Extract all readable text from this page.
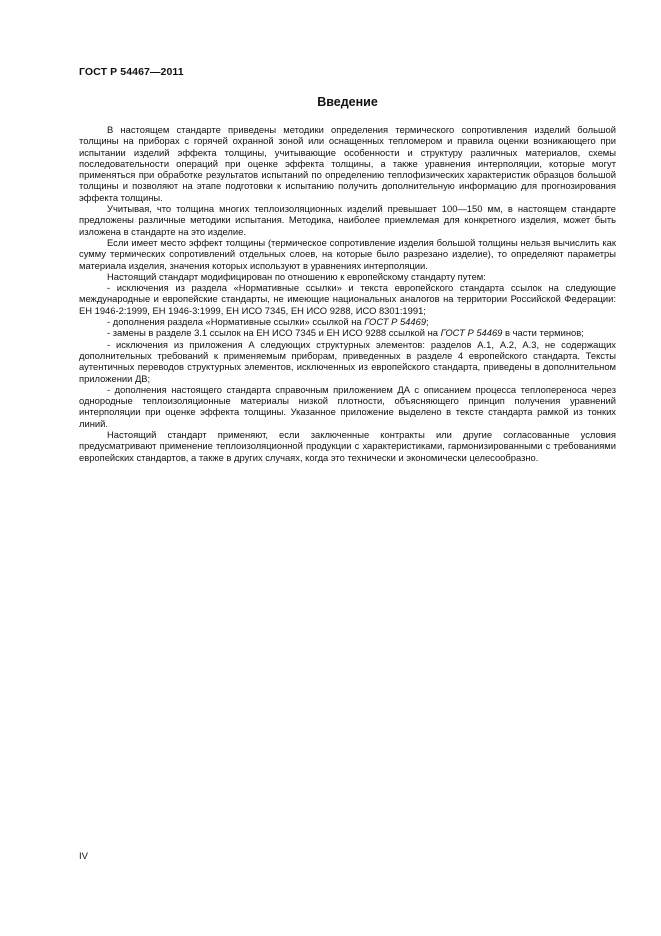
ГОСТ Р 54467—2011
Введение

В настоящем стандарте приведены методики определения термического сопротивления изделий большой толщины на приборах с горячей охранной зоной или оснащенных тепломером и правила оценки возникающего при испытании изделий эффекта толщины, учитывающие особенности и структуру различных материалов, схемы последовательности операций при оценке эффекта толщины, а также уравнения интерполяции, которые могут применяться при обработке результатов испытаний по определению теплофизических характеристик образцов большой толщины и позволяют на этапе подготовки к испытанию получить дополнительную информацию для прогнозирования эффекта толщины.

Учитывая, что толщина многих теплоизоляционных изделий превышает 100—150 мм, в настоящем стандарте предложены различные методики испытания. Методика, наиболее приемлемая для конкретного изделия, может быть изложена в стандарте на это изделие.

Если имеет место эффект толщины (термическое сопротивление изделия большой толщины нельзя вычислить как сумму термических сопротивлений отдельных слоев, на которые было разрезано изделие), то определяют параметры материала изделия, значения которых используют в уравнениях интерполяции.

Настоящий стандарт модифицирован по отношению к европейскому стандарту путем:

- исключения из раздела «Нормативные ссылки» и текста европейского стандарта ссылок на следующие международные и европейские стандарты, не имеющие национальных аналогов на территории Российской Федерации: ЕН 1946-2:1999, ЕН 1946-3:1999, ЕН ИСО 7345, ЕН ИСО 9288, ИСО 8301:1991;

- дополнения раздела «Нормативные ссылки» ссылкой на ГОСТ Р 54469;

- замены в разделе 3.1 ссылок на ЕН ИСО 7345 и ЕН ИСО 9288 ссылкой на ГОСТ Р 54469 в части терминов;

- исключения из приложения А следующих структурных элементов: разделов А.1, А.2, А.3, не содержащих дополнительных требований к применяемым приборам, приведенных в разделе 4 европейского стандарта. Тексты аутентичных переводов структурных элементов, исключенных из европейского стандарта, приведены в дополнительном приложении ДВ;

- дополнения настоящего стандарта справочным приложением ДА с описанием процесса теплопереноса через однородные теплоизоляционные материалы низкой плотности, объясняющего принцип получения уравнений интерполяции при оценке эффекта толщины. Указанное приложение выделено в тексте стандарта рамкой из тонких линий.

Настоящий стандарт применяют, если заключенные контракты или другие согласованные условия предусматривают применение теплоизоляционной продукции с характеристиками, гармонизированными с требованиями европейских стандартов, а также в других случаях, когда это технически и экономически целесообразно.

IV
